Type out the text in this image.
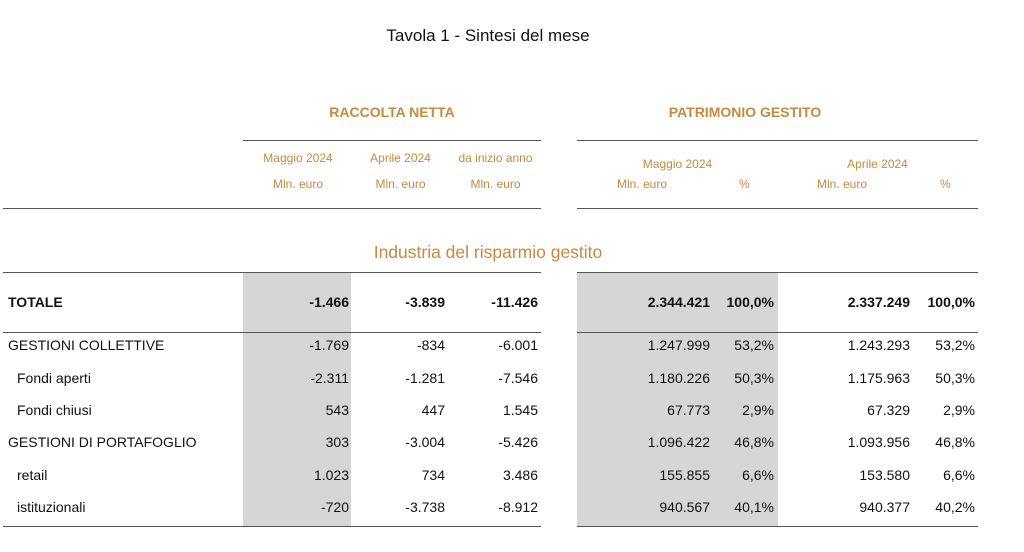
Tavola 1 - Sintesi del mese
RACCOLTA NETTA	PATRIMONIO GESTITO
Maggio 2024
Mln. euro
Aprile 2024
Mln. euro
da inizio anno
Mln. euro
Maggio 2024
Mln. euro	%
Aprile 2024
Mln. euro	%
Industria del risparmio gestito
TOTALE	-1.466	-3.839	-11.426	2.344.421 100,0%	2.337.249 100,0%
GESTIONI COLLETTIVE	-1.769	-834	-6.001	1.247.999 53,2%	1.243.293 53,2%
Fondi aperti	-2.311	-1.281	-7.546	1.180.226 50,3%	1.175.963 50,3%
Fondi chiusi	543	447	1.545	67.773 2,9%	67.329 2,9%
GESTIONI DI PORTAFOGLIO	303	-3.004	-5.426	1.096.422 46,8%	1.093.956 46,8%
retail	1.023	734	3.486	155.855 6,6%	153.580 6,6%
istituzionali	-720	-3.738	-8.912	940.567 40,1%	940.377 40,2%
